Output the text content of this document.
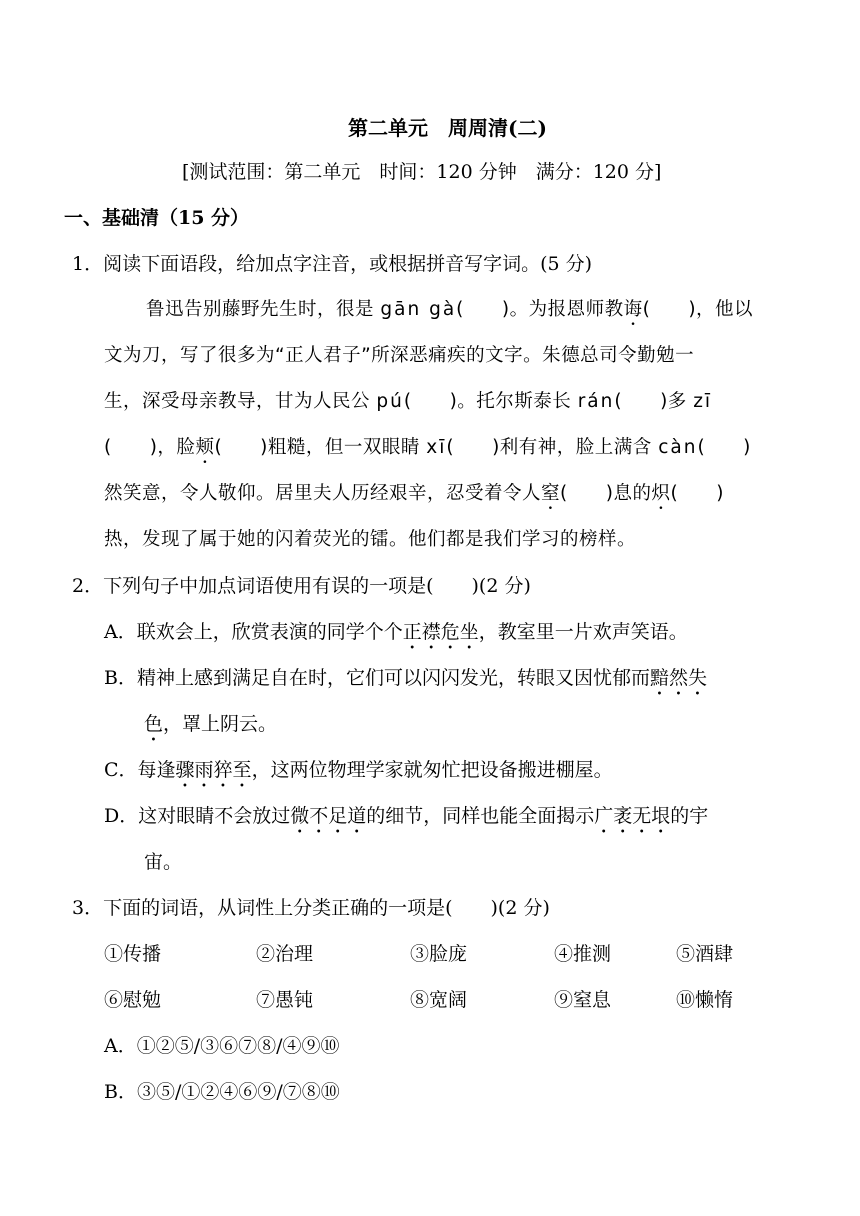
第二单元　周周清(二)
[测试范围：第二单元　时间：120 分钟　满分：120 分]
一、基础清（15 分）
1．阅读下面语段，给加点字注音，或根据拼音写字词。(5 分)
鲁迅告别藤野先生时，很是 gān gà(　　)。为报恩师教诲(　　)，他以
文为刀，写了很多为“正人君子”所深恶痛疾的文字。朱德总司令勤勉一
生，深受母亲教导，甘为人民公 pú(　　)。托尔斯泰长 rán(　　)多 zī
(　　)，脸颊(　　)粗糙，但一双眼睛 xī(　　)利有神，脸上满含 càn(　　)
然笑意，令人敬仰。居里夫人历经艰辛，忍受着令人窒(　　)息的炽(　　)
热，发现了属于她的闪着荧光的镭。他们都是我们学习的榜样。
2．下列句子中加点词语使用有误的一项是(　　)(2 分)
A．联欢会上，欣赏表演的同学个个正襟危坐，教室里一片欢声笑语。
B．精神上感到满足自在时，它们可以闪闪发光，转眼又因忧郁而黯然失
色，罩上阴云。
C．每逢骤雨猝至，这两位物理学家就匆忙把设备搬进棚屋。
D．这对眼睛不会放过微不足道的细节，同样也能全面揭示广袤无垠的宇
宙。
3．下面的词语，从词性上分类正确的一项是(　　)(2 分)
①传播	②治理	③脸庞	④推测	⑤酒肆
⑥慰勉	⑦愚钝	⑧宽阔	⑨窒息	⑩懒惰
A．①②⑤/③⑥⑦⑧/④⑨⑩
B．③⑤/①②④⑥⑨/⑦⑧⑩
